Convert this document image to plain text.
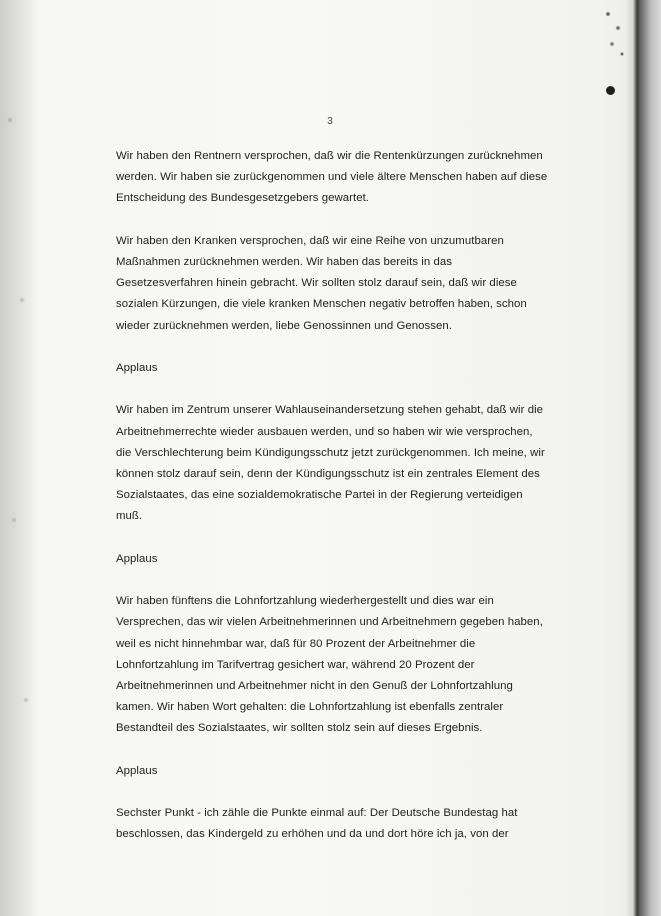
3
Wir haben den Rentnern versprochen, daß wir die Rentenkürzungen zurücknehmen
werden. Wir haben sie zurückgenommen und viele ältere Menschen haben auf diese
Entscheidung des Bundesgesetzgebers gewartet.
Wir haben den Kranken versprochen, daß wir eine Reihe von unzumutbaren
Maßnahmen zurücknehmen werden. Wir haben das bereits in das
Gesetzesverfahren hinein gebracht. Wir sollten stolz darauf sein, daß wir diese
sozialen Kürzungen, die viele kranken Menschen negativ betroffen haben, schon
wieder zurücknehmen werden, liebe Genossinnen und Genossen.
Applaus
Wir haben im Zentrum unserer Wahlauseinandersetzung stehen gehabt, daß wir die
Arbeitnehmerrechte wieder ausbauen werden, und so haben wir wie versprochen,
die Verschlechterung beim Kündigungsschutz jetzt zurückgenommen. Ich meine, wir
können stolz darauf sein, denn der Kündigungsschutz ist ein zentrales Element des
Sozialstaates, das eine sozialdemokratische Partei in der Regierung verteidigen
muß.
Applaus
Wir haben fünftens die Lohnfortzahlung wiederhergestellt und dies war ein
Versprechen, das wir vielen Arbeitnehmerinnen und Arbeitnehmern gegeben haben,
weil es nicht hinnehmbar war, daß für 80 Prozent der Arbeitnehmer die
Lohnfortzahlung im Tarifvertrag gesichert war, während 20 Prozent der
Arbeitnehmerinnen und Arbeitnehmer nicht in den Genuß der Lohnfortzahlung
kamen. Wir haben Wort gehalten: die Lohnfortzahlung ist ebenfalls zentraler
Bestandteil des Sozialstaates, wir sollten stolz sein auf dieses Ergebnis.
Applaus
Sechster Punkt - ich zähle die Punkte einmal auf: Der Deutsche Bundestag hat
beschlossen, das Kindergeld zu erhöhen und da und dort höre ich ja, von der
